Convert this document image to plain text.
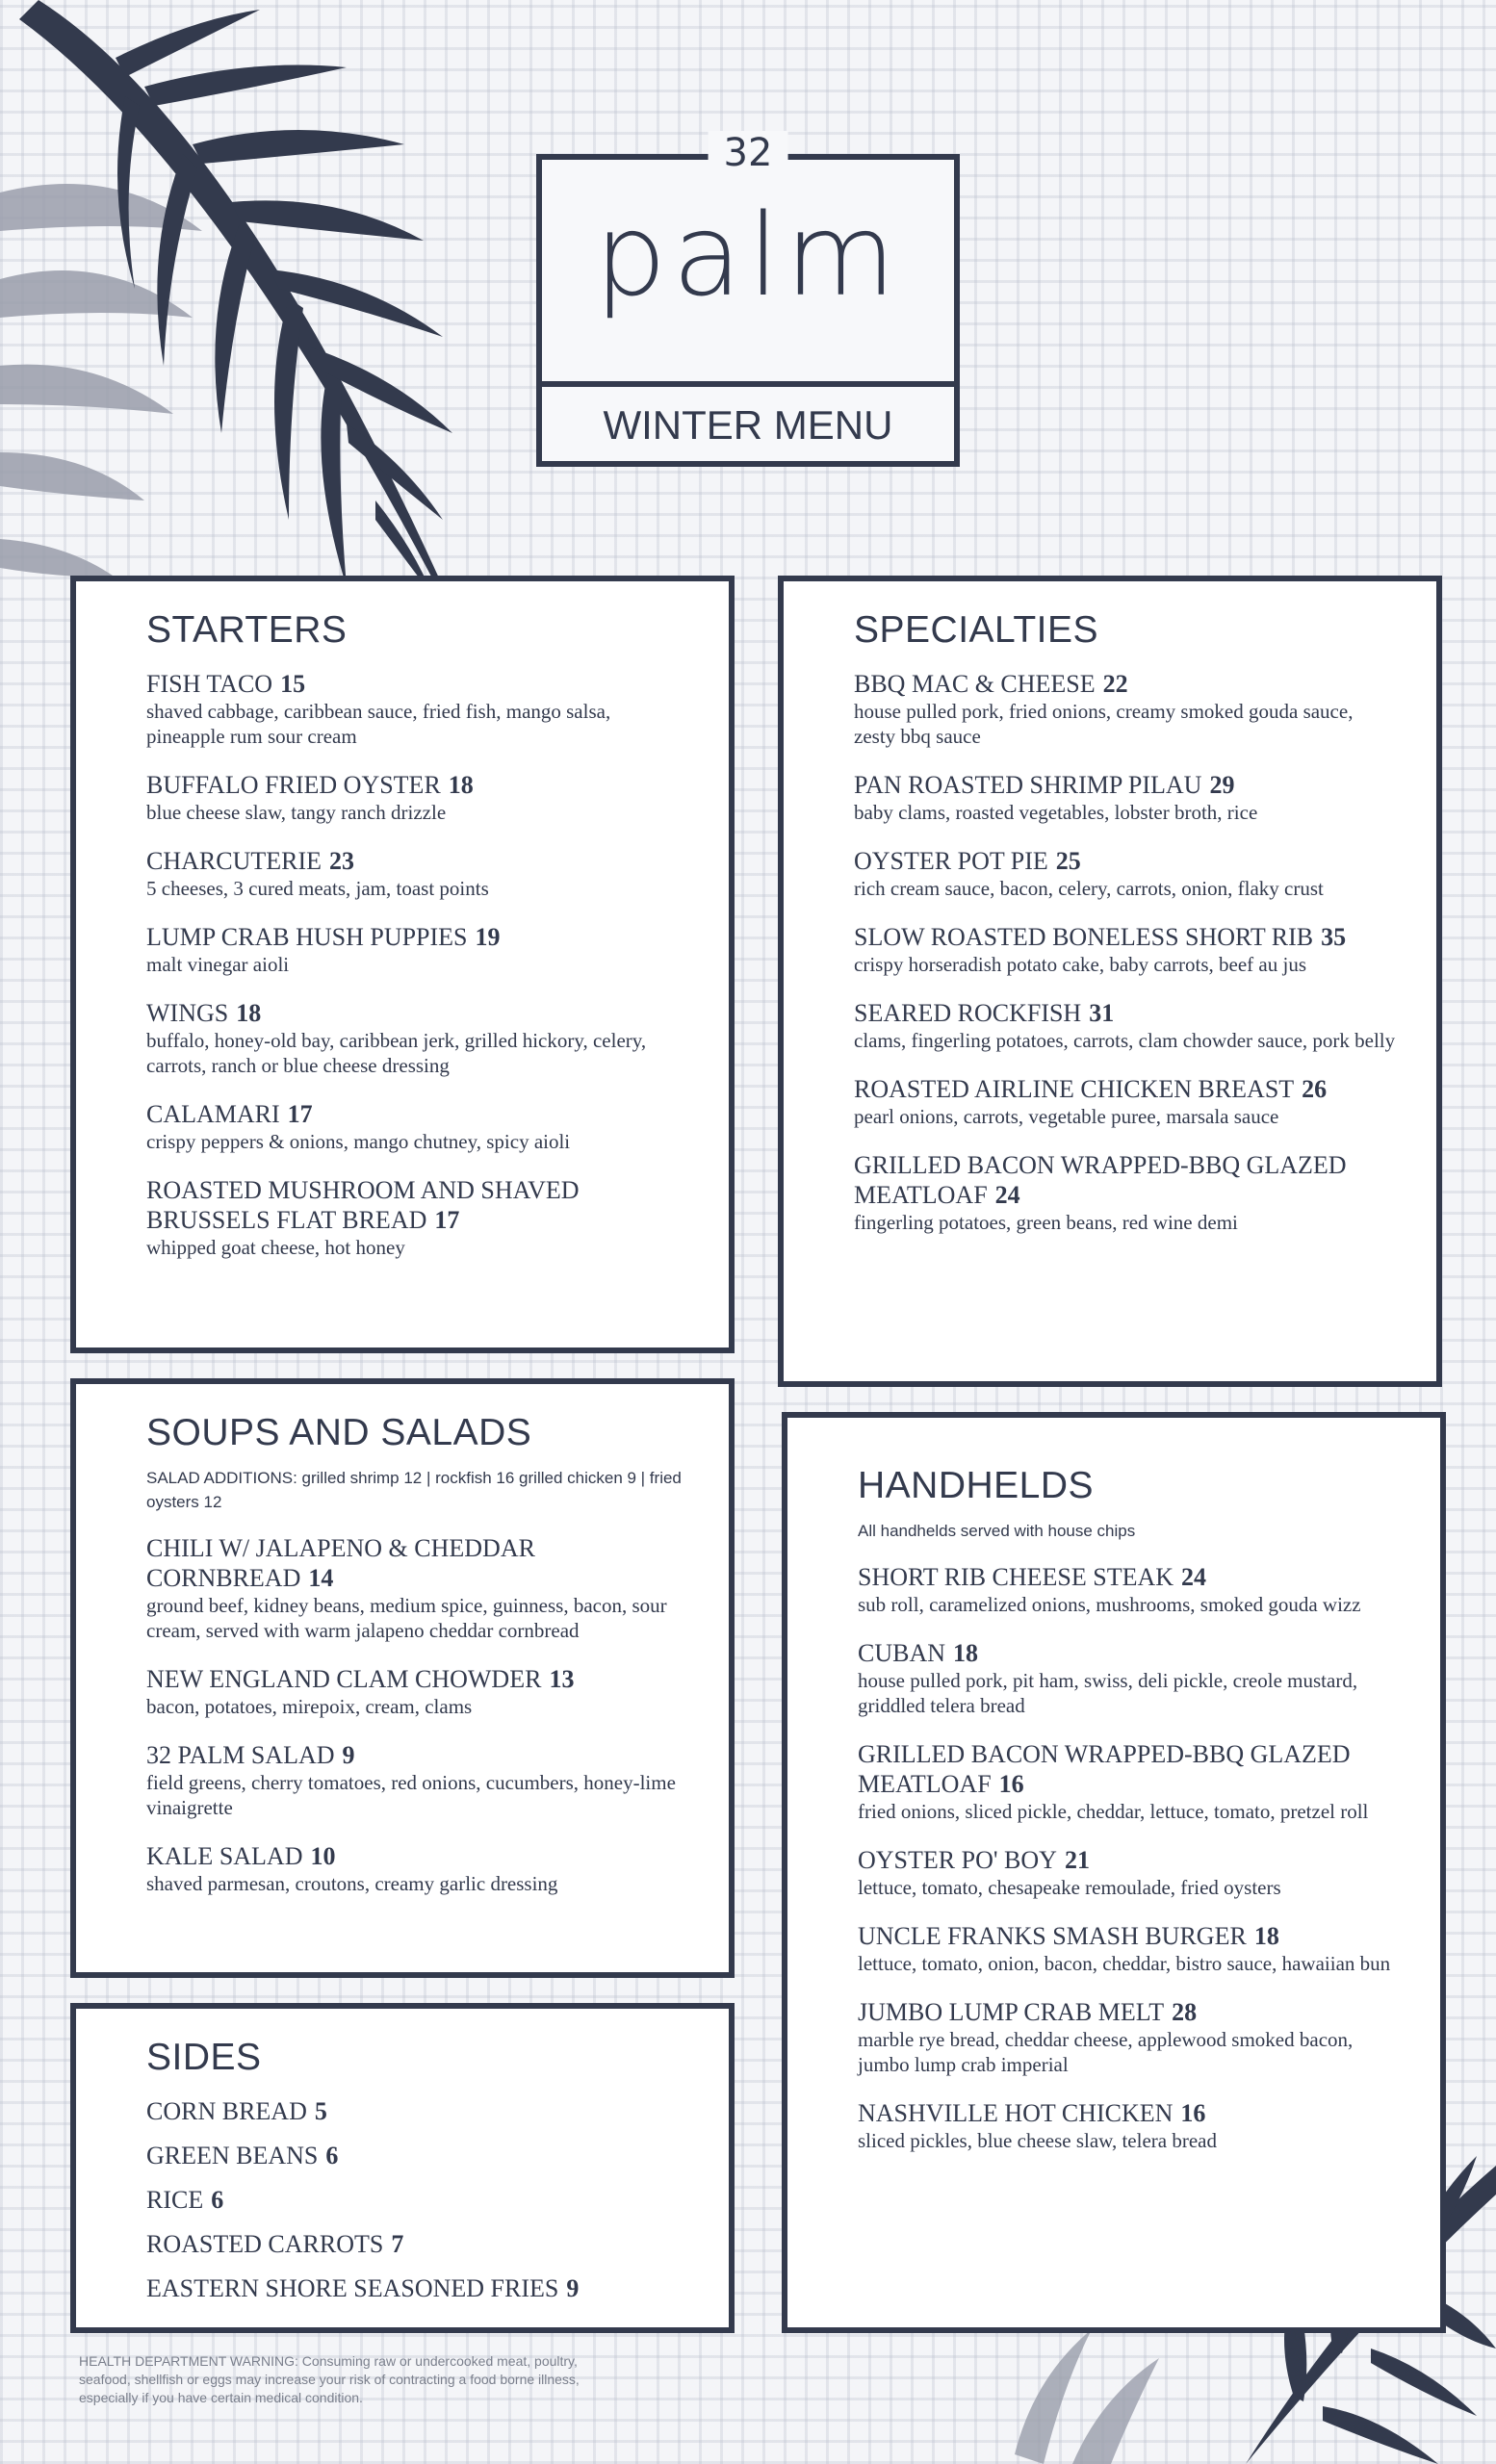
32
palm
WINTER MENU
STARTERS
FISH TACO 15
shaved cabbage, caribbean sauce, fried fish, mango salsa, pineapple rum sour cream
BUFFALO FRIED OYSTER 18
blue cheese slaw, tangy ranch drizzle
CHARCUTERIE 23
5 cheeses, 3 cured meats, jam, toast points
LUMP CRAB HUSH PUPPIES 19
malt vinegar aioli
WINGS 18
buffalo, honey-old bay, caribbean jerk, grilled hickory, celery, carrots, ranch or blue cheese dressing
CALAMARI 17
crispy peppers & onions, mango chutney, spicy aioli
ROASTED MUSHROOM AND SHAVED BRUSSELS FLAT BREAD 17
whipped goat cheese, hot honey
SPECIALTIES
BBQ MAC & CHEESE 22
house pulled pork, fried onions, creamy smoked gouda sauce, zesty bbq sauce
PAN ROASTED SHRIMP PILAU 29
baby clams, roasted vegetables, lobster broth, rice
OYSTER POT PIE 25
rich cream sauce, bacon, celery, carrots, onion, flaky crust
SLOW ROASTED BONELESS SHORT RIB 35
crispy horseradish potato cake, baby carrots, beef au jus
SEARED ROCKFISH 31
clams, fingerling potatoes, carrots, clam chowder sauce, pork belly
ROASTED AIRLINE CHICKEN BREAST 26
pearl onions, carrots, vegetable puree, marsala sauce
GRILLED BACON WRAPPED-BBQ GLAZED MEATLOAF 24
fingerling potatoes, green beans, red wine demi
SOUPS AND SALADS
SALAD ADDITIONS: grilled shrimp 12 | rockfish 16 grilled chicken 9 | fried oysters 12
CHILI W/ JALAPENO & CHEDDAR CORNBREAD 14
ground beef, kidney beans, medium spice, guinness, bacon, sour cream, served with warm jalapeno cheddar cornbread
NEW ENGLAND CLAM CHOWDER 13
bacon, potatoes, mirepoix, cream, clams
32 PALM SALAD 9
field greens, cherry tomatoes, red onions, cucumbers, honey-lime vinaigrette
KALE SALAD 10
shaved parmesan, croutons, creamy garlic dressing
SIDES
CORN BREAD 5
GREEN BEANS 6
RICE 6
ROASTED CARROTS 7
EASTERN SHORE SEASONED FRIES 9
HANDHELDS
All handhelds served with house chips
SHORT RIB CHEESE STEAK 24
sub roll, caramelized onions, mushrooms, smoked gouda wizz
CUBAN 18
house pulled pork, pit ham, swiss, deli pickle, creole mustard, griddled telera bread
GRILLED BACON WRAPPED-BBQ GLAZED MEATLOAF 16
fried onions, sliced pickle, cheddar, lettuce, tomato, pretzel roll
OYSTER PO' BOY 21
lettuce, tomato, chesapeake remoulade, fried oysters
UNCLE FRANKS SMASH BURGER 18
lettuce, tomato, onion, bacon, cheddar, bistro sauce, hawaiian bun
JUMBO LUMP CRAB MELT 28
marble rye bread, cheddar cheese, applewood smoked bacon, jumbo lump crab imperial
NASHVILLE HOT CHICKEN 16
sliced pickles, blue cheese slaw, telera bread
HEALTH DEPARTMENT WARNING: Consuming raw or undercooked meat, poultry, seafood, shellfish or eggs may increase your risk of contracting a food borne illness, especially if you have certain medical condition.
